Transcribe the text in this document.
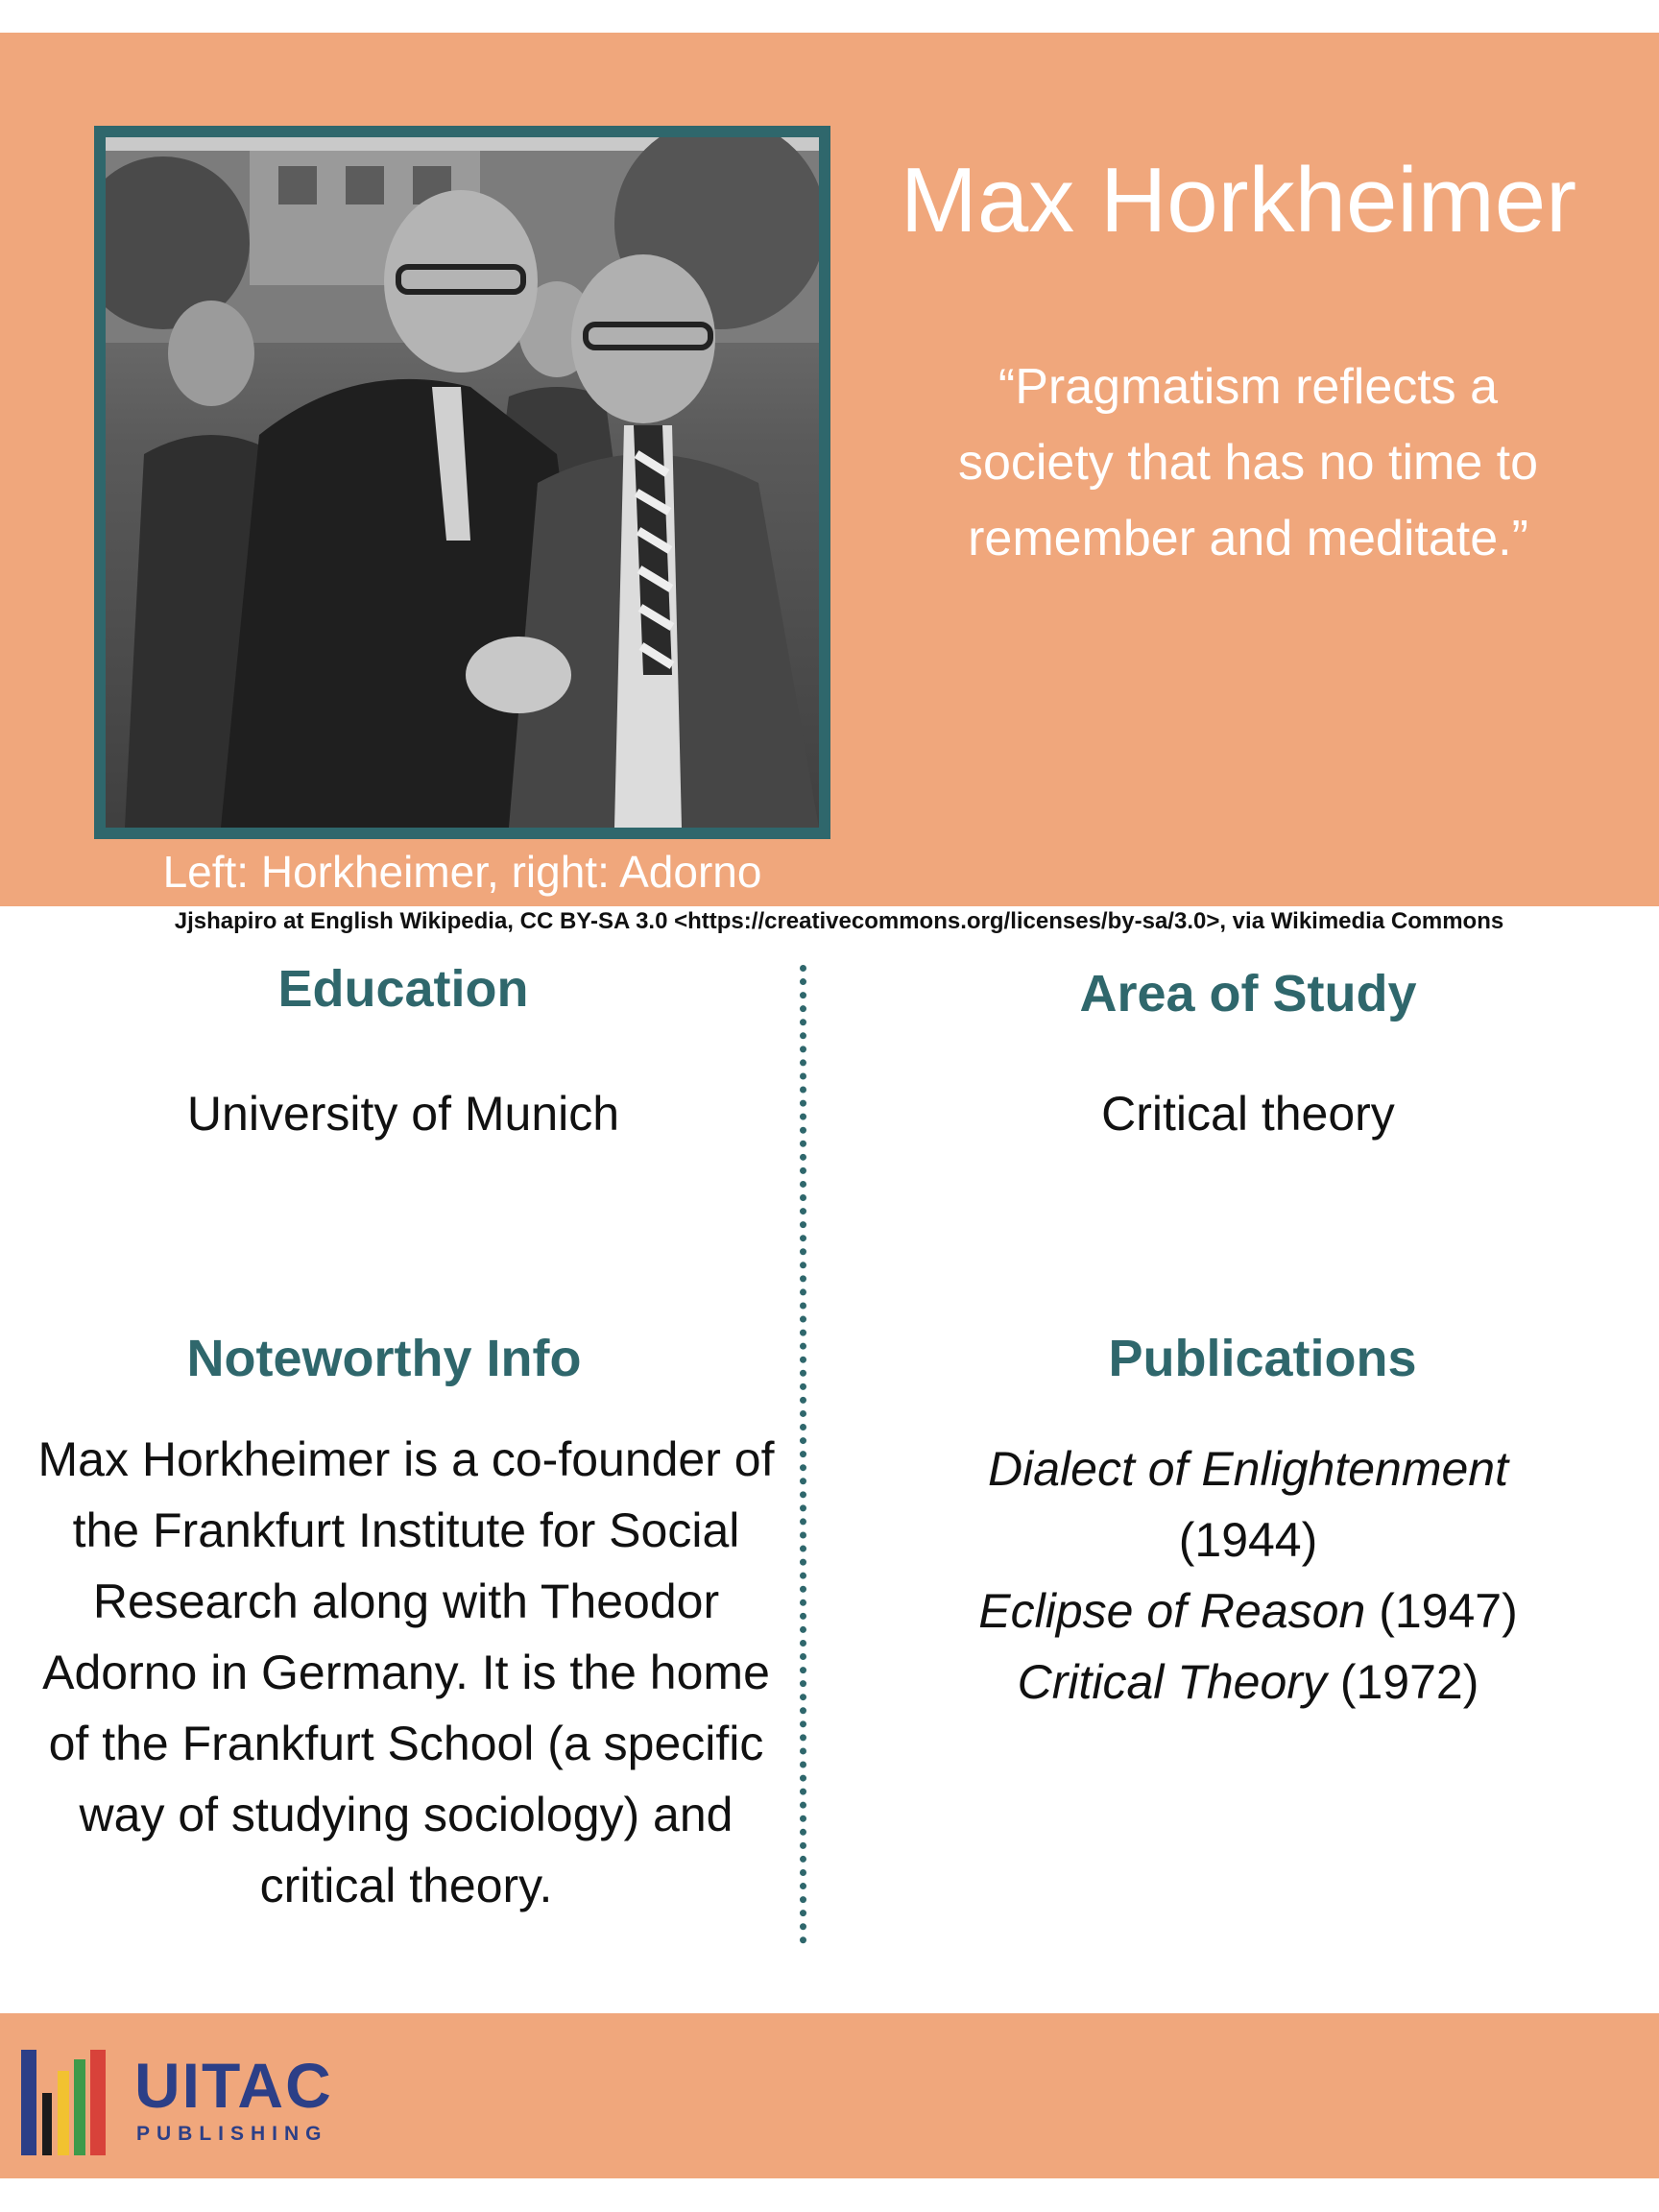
Left: Horkheimer, right: Adorno
Max Horkheimer
“Pragmatism reflects a society that has no time to remember and meditate.”
Jjshapiro at English Wikipedia, CC BY-SA 3.0 <https://creativecommons.org/licenses/by-sa/3.0>, via Wikimedia Commons
Education
University of Munich
Area of Study
Critical theory
Noteworthy Info
Max Horkheimer is a co-founder of the Frankfurt Institute for Social Research along with Theodor Adorno in Germany. It is the home of the Frankfurt School (a specific way of studying sociology) and critical theory.
Publications
Dialect of Enlightenment
(1944)
Eclipse of Reason (1947)
Critical Theory (1972)
UITAC
PUBLISHING
